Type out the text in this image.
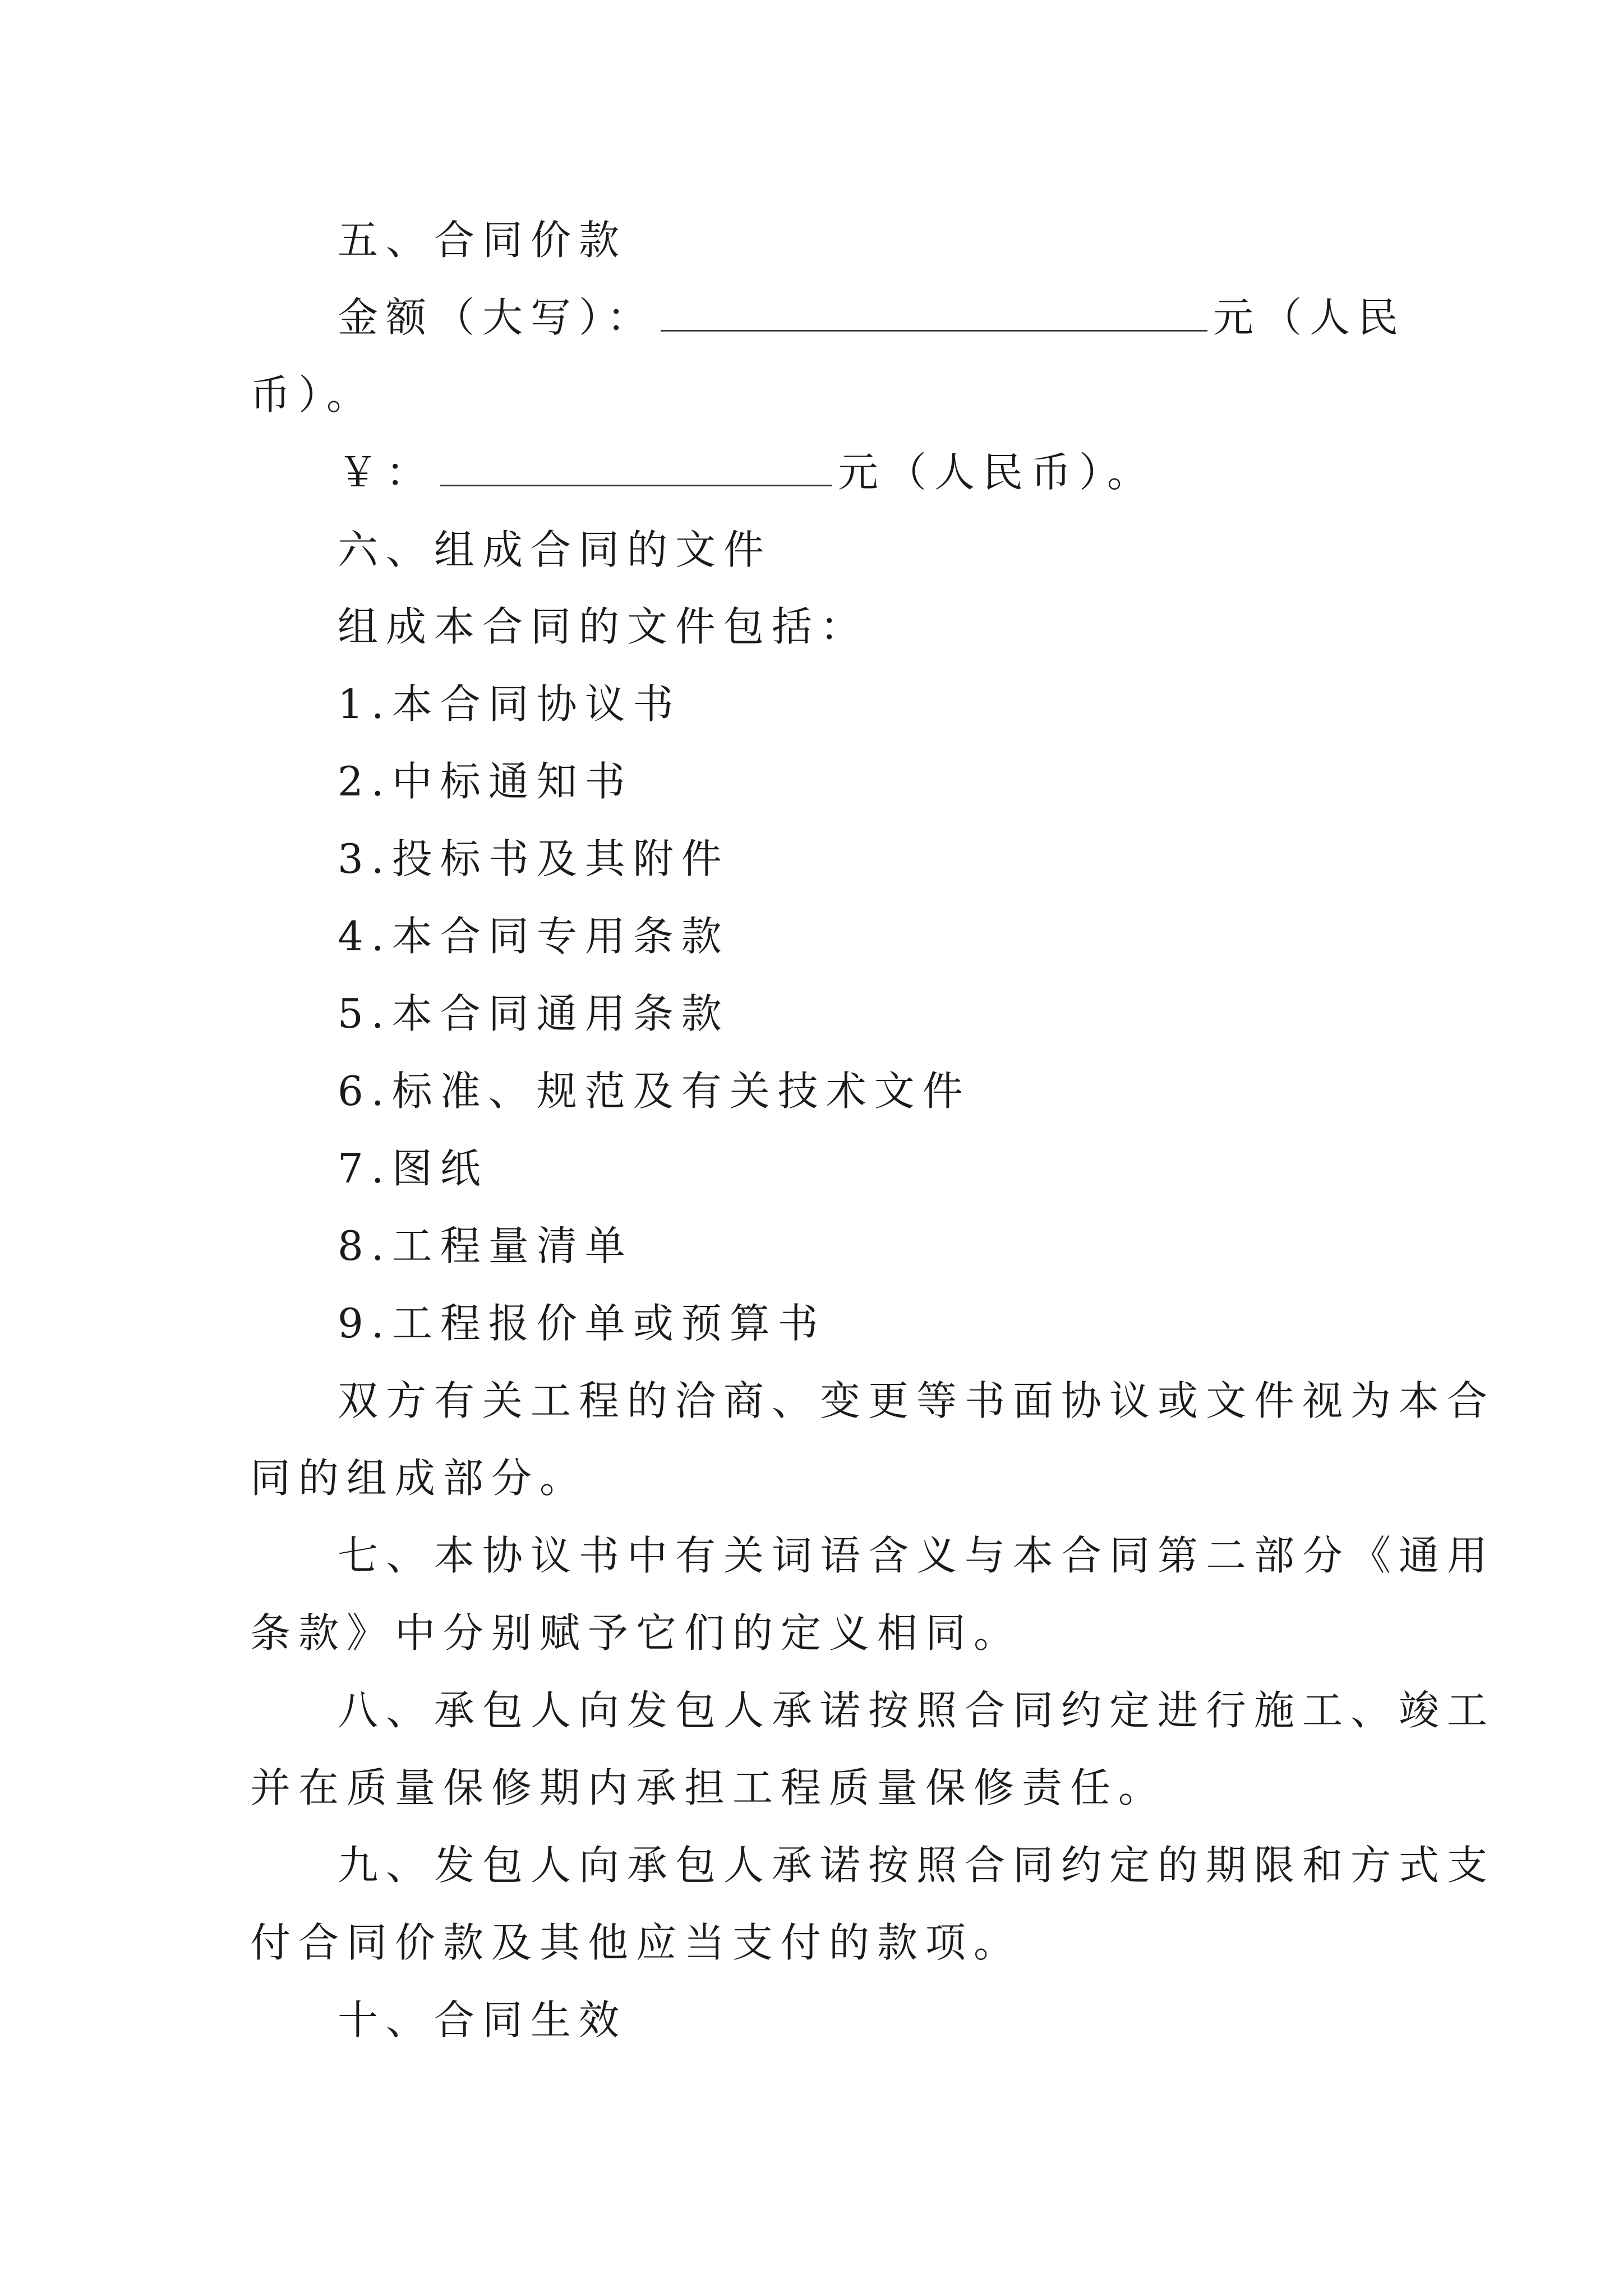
五、合同价款
金额（大写）：	元（人民
币）。
￥：	元（人民币）。
六、组成合同的文件
组成本合同的文件包括：
1.本合同协议书
2.中标通知书
3.投标书及其附件
4.本合同专用条款
5.本合同通用条款
6.标准、规范及有关技术文件
7.图纸
8.工程量清单
9.工程报价单或预算书
双方有关工程的洽商、变更等书面协议或文件视为本合
同的组成部分。
七、本协议书中有关词语含义与本合同第二部分《通用
条款》中分别赋予它们的定义相同。
八、承包人向发包人承诺按照合同约定进行施工、竣工
并在质量保修期内承担工程质量保修责任。
九、发包人向承包人承诺按照合同约定的期限和方式支
付合同价款及其他应当支付的款项。
十、合同生效
